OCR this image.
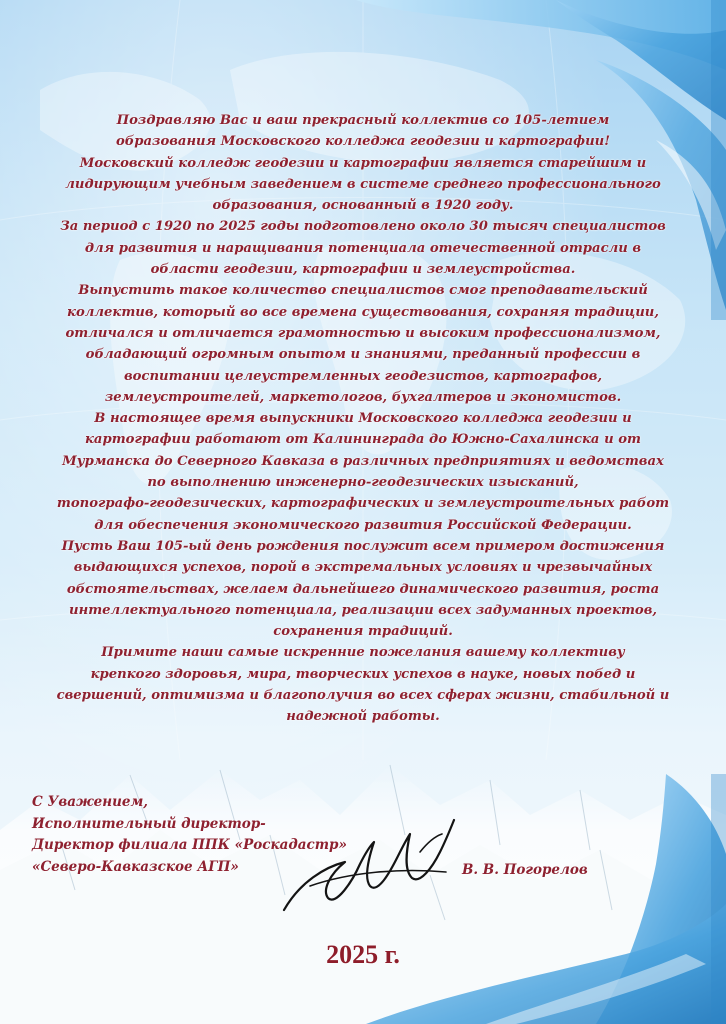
Поздравляю Вас и ваш прекрасный коллектив со 105-летием

образования Московского колледжа геодезии и картографии!

Московский колледж геодезии и картографии является старейшим и

лидирующим учебным заведением в системе среднего профессионального

образования, основанный в 1920 году.

За период с 1920 по 2025 годы подготовлено около 30 тысяч специалистов

для развития и наращивания потенциала отечественной отрасли в

области геодезии, картографии и землеустройства.

Выпустить такое количество специалистов смог преподавательский

коллектив, который во все времена существования, сохраняя традиции,

отличался и отличается грамотностью и высоким профессионализмом,

обладающий огромным опытом и знаниями, преданный профессии в

воспитании целеустремленных геодезистов, картографов,

землеустроителей, маркетологов, бухгалтеров и экономистов.

В настоящее время выпускники Московского колледжа геодезии и

картографии работают от Калининграда до Южно-Сахалинска и от

Мурманска до Северного Кавказа в различных предприятиях и ведомствах

по выполнению инженерно-геодезических изысканий,

топографо-геодезических, картографических и землеустроительных работ

для обеспечения экономического развития Российской Федерации.

Пусть Ваш 105-ый день рождения послужит всем примером достижения

выдающихся успехов, порой в экстремальных условиях и чрезвычайных

обстоятельствах, желаем дальнейшего динамического развития, роста

интеллектуального потенциала, реализации всех задуманных проектов,

сохранения традиций.

Примите наши самые искренние пожелания вашему коллективу

крепкого здоровья, мира, творческих успехов в науке, новых побед и

свершений, оптимизма и благополучия во всех сферах жизни, стабильной и

надежной работы.

С Уважением,
Исполнительный директор-
Директор филиала ППК «Роскадастр»
«Северо-Кавказское АГП»	В. В. Погорелов
2025 г.
